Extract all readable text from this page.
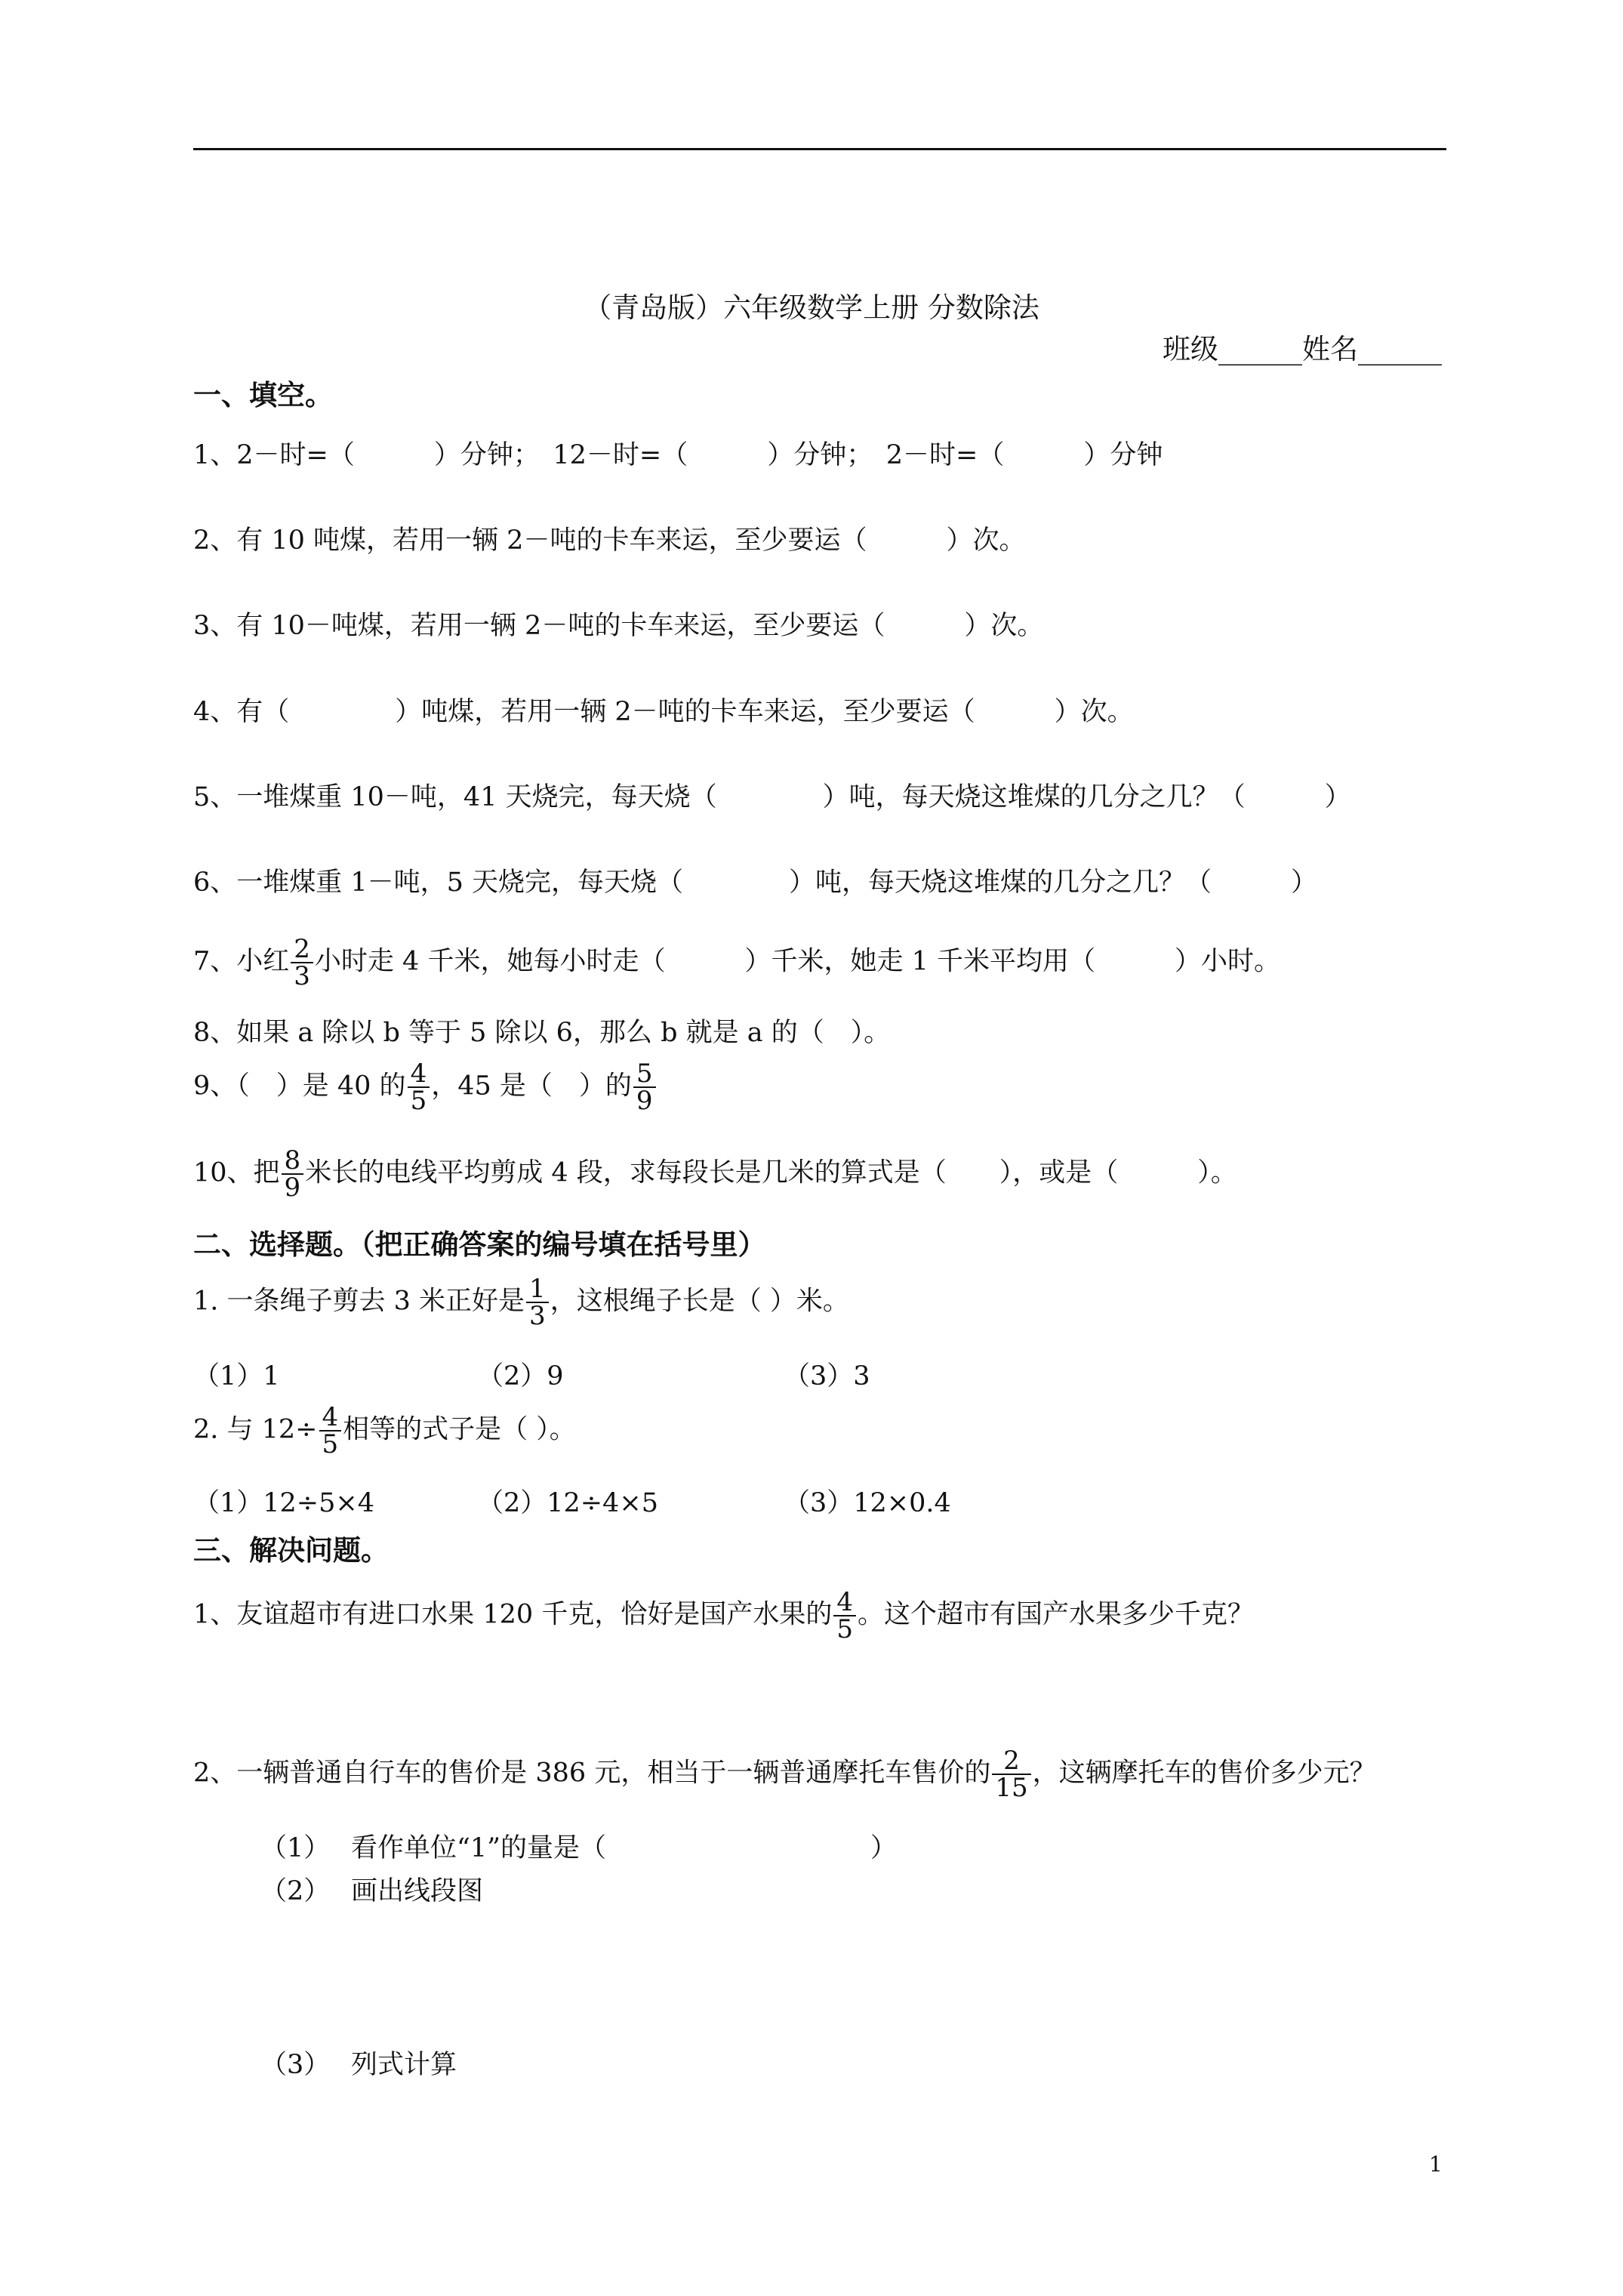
（青岛版）六年级数学上册 分数除法
班级______姓名______
一、填空。
1、2－时=（　　　）分钟；　12－时=（　　　）分钟；　2－时=（　　　）分钟
2、有 10 吨煤，若用一辆 2－吨的卡车来运，至少要运（　　　）次。
3、有 10－吨煤，若用一辆 2－吨的卡车来运，至少要运（　　　）次。
4、有（　　　　）吨煤，若用一辆 2－吨的卡车来运，至少要运（　　　）次。
5、一堆煤重 10－吨，41 天烧完，每天烧（　　　　）吨，每天烧这堆煤的几分之几？（　　　）
6、一堆煤重 1－吨，5 天烧完，每天烧（　　　　）吨，每天烧这堆煤的几分之几？（　　　）
7、小红 $\frac{2}{3}$ 小时走 4 千米，她每小时走（　　　）千米，她走 1 千米平均用（　　　）小时。
8、如果 a 除以 b 等于 5 除以 6，那么 b 就是 a 的（　）。
9、（　）是 40 的 $\frac{4}{5}$ ，45 是（　）的 $\frac{5}{9}$
10、把 $\frac{8}{9}$ 米长的电线平均剪成 4 段，求每段长是几米的算式是（　　），或是（　　　）。
二、选择题。（把正确答案的编号填在括号里）
1. 一条绳子剪去 3 米正好是 $\frac{1}{3}$ ，这根绳子长是（ ）米。
（1）1	（2）9	（3）3
2. 与 $12\div \frac{4}{5}$ 相等的式子是（ ）。
（1）12÷5×4	（2）12÷4×5	（3）12×0.4
三、解决问题。
1、友谊超市有进口水果 120 千克，恰好是国产水果的 $\frac{4}{5}$ 。这个超市有国产水果多少千克？
2、一辆普通自行车的售价是 386 元，相当于一辆普通摩托车售价的 $\frac{2}{15}$ ，这辆摩托车的售价多少元？
（1） 看作单位“1”的量是（　　　　　　　　　　）
（2） 画出线段图
（3） 列式计算
1
